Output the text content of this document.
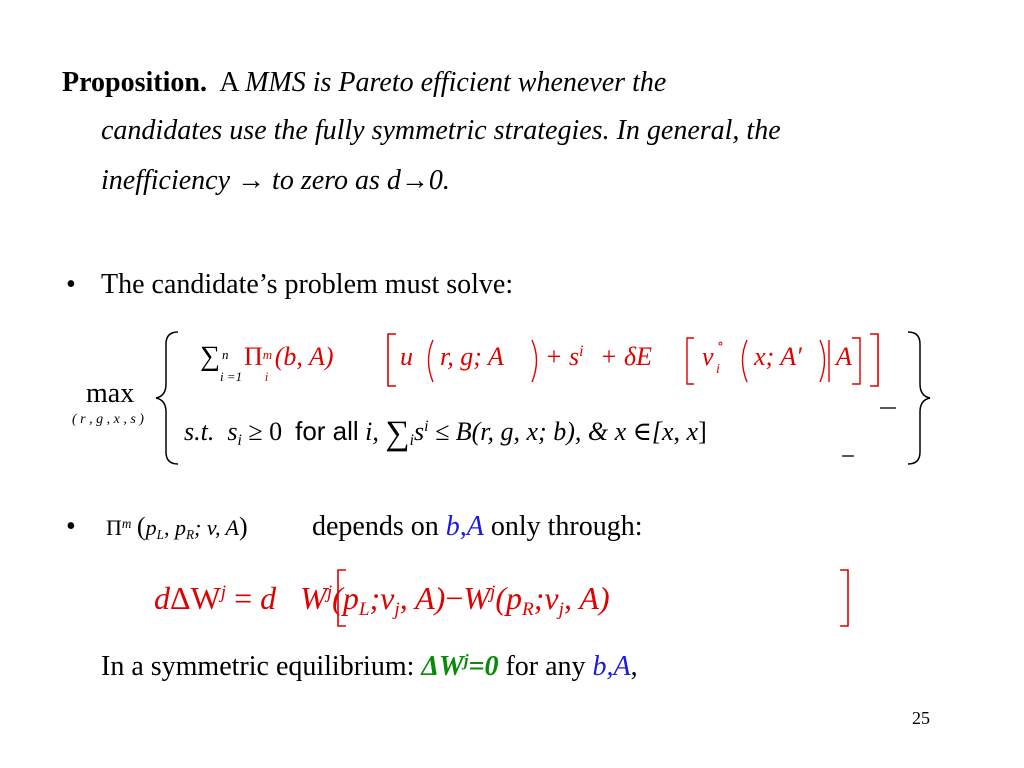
Proposition. A MMS is Pareto efficient whenever the
candidates use the fully symmetric strategies. In general, the
inefficiency → to zero as d→0.
• The candidate’s problem must solve:
max
( r , g , x , s )
∑ n
i =1
Π m
i
(b, A)	u r, g; $A + s^i + \delta E$ v ∘
i x; A′ A
s.t. si ≥ 0 for all i, $\sum is^i \le B(r$, g, x; b), & x ∈[x, x]
• $\Pi^m$ (pL, pR; v, A) depends on b,A only through:
dΔW$^j$ = d $W^j(pL;vj$, $A)-W^j(pR;vj$, A)
In a symmetric equilibrium: $\Delta W^j=0$ for any b,A,
25
